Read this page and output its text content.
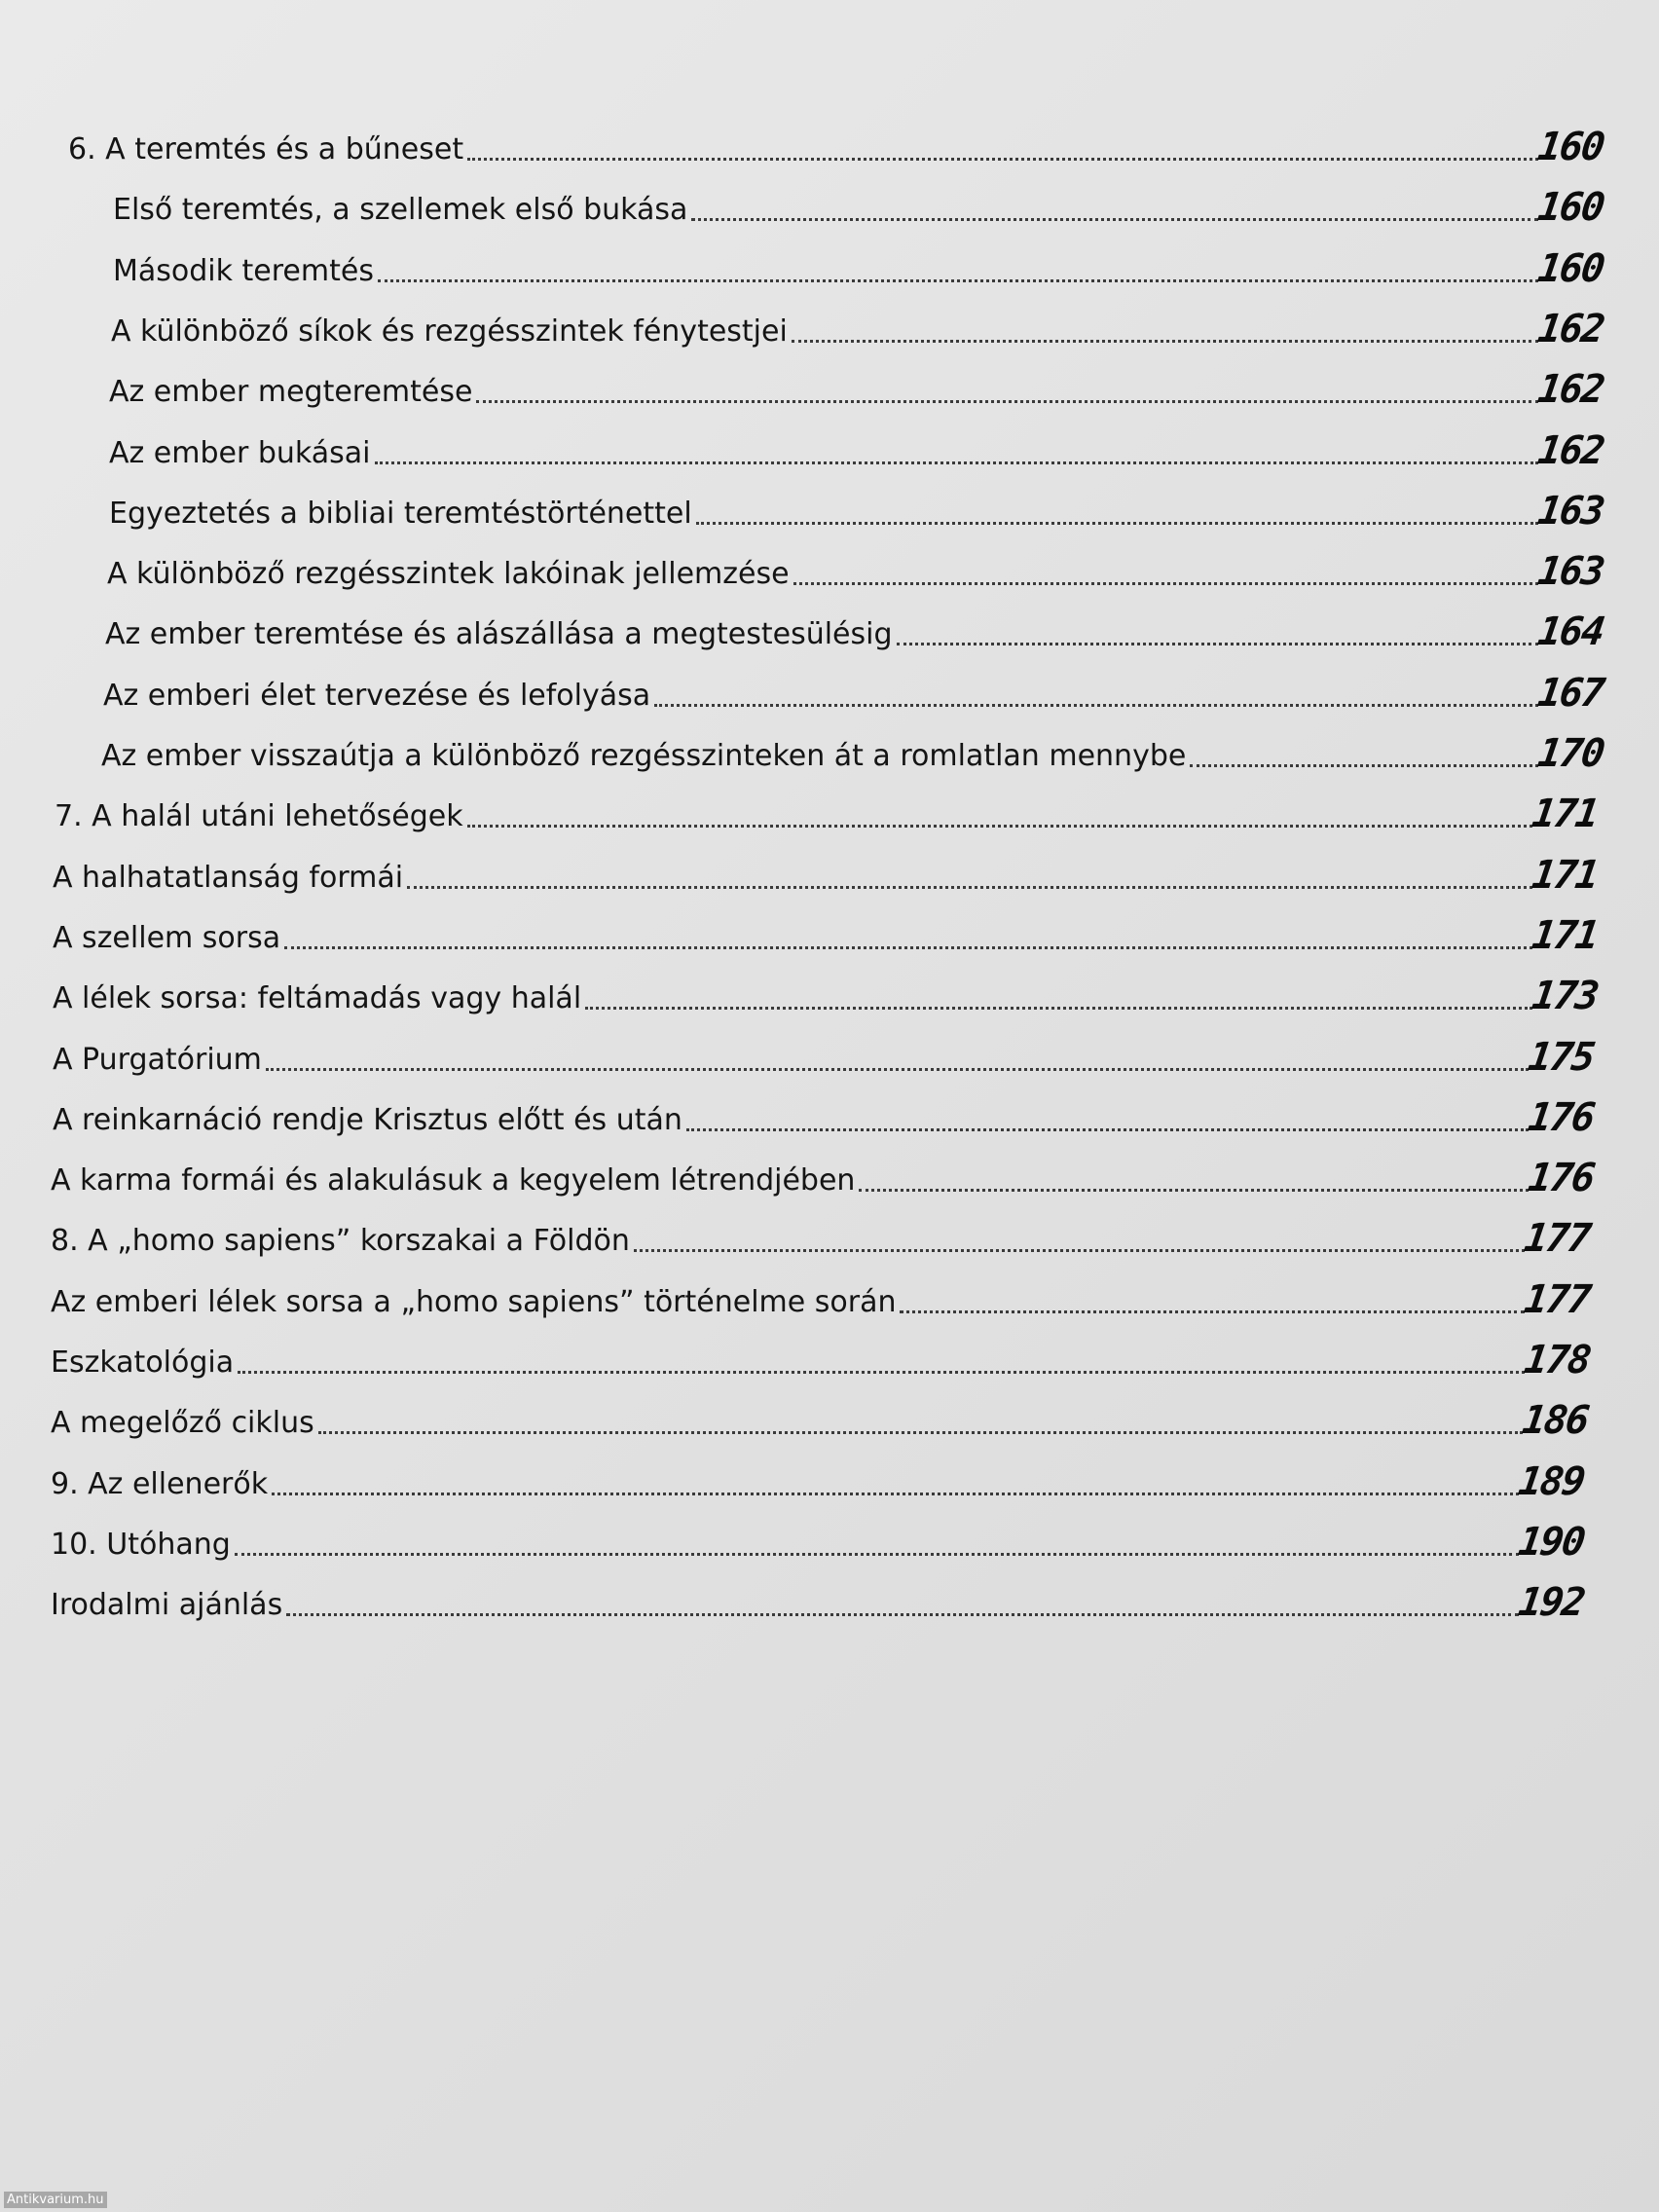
6. A teremtés és a bűneset	160
Első teremtés, a szellemek első bukása	160
Második teremtés	160
A különböző síkok és rezgésszintek fénytestjei	162
Az ember megteremtése	162
Az ember bukásai	162
Egyeztetés a bibliai teremtéstörténettel	163
A különböző rezgésszintek lakóinak jellemzése	163
Az ember teremtése és alászállása a megtestesülésig	164
Az emberi élet tervezése és lefolyása	167
Az ember visszaútja a különböző rezgésszinteken át a romlatlan mennybe	170
7. A halál utáni lehetőségek	171
A halhatatlanság formái	171
A szellem sorsa	171
A lélek sorsa: feltámadás vagy halál	173
A Purgatórium	175
A reinkarnáció rendje Krisztus előtt és után	176
A karma formái és alakulásuk a kegyelem létrendjében	176
8. A „homo sapiens” korszakai a Földön	177
Az emberi lélek sorsa a „homo sapiens” történelme során	177
Eszkatológia	178
A megelőző ciklus	186
9. Az ellenerők	189
10. Utóhang	190
Irodalmi ajánlás	192
Antikvarium.hu
